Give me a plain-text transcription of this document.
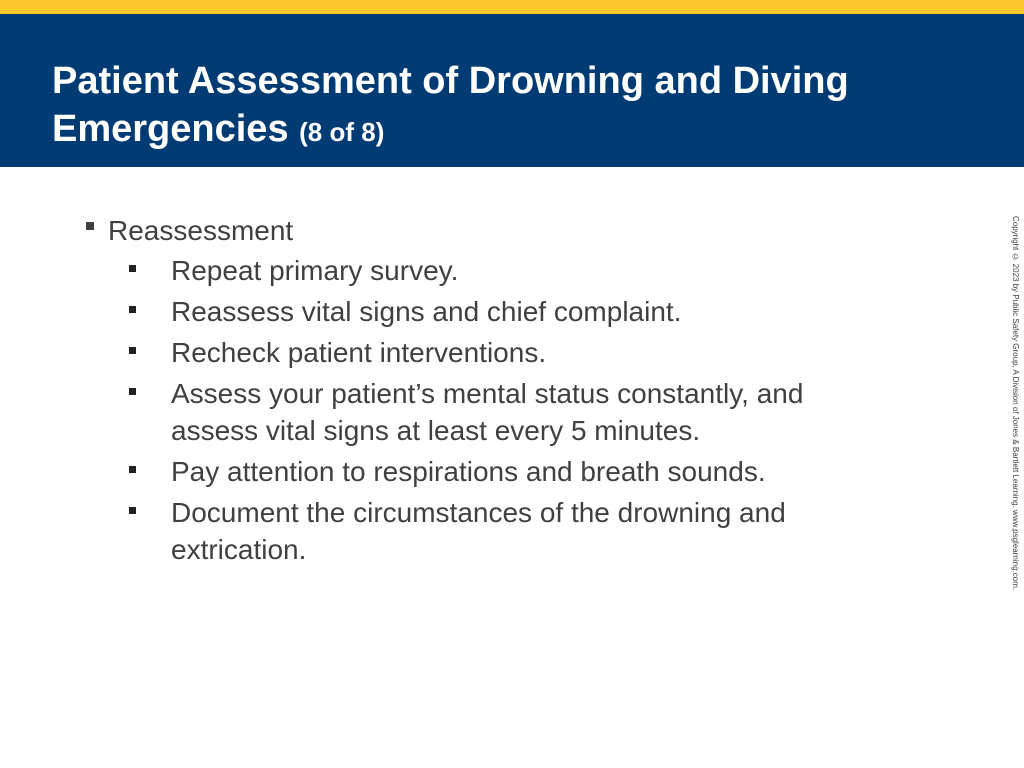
Patient Assessment of Drowning and Diving Emergencies (8 of 8)
Reassessment
Repeat primary survey.
Reassess vital signs and chief complaint.
Recheck patient interventions.
Assess your patient’s mental status constantly, and assess vital signs at least every 5 minutes.
Pay attention to respirations and breath sounds.
Document the circumstances of the drowning and extrication.	Copyright © 2023 by Public Safety Group, A Division of Jones & Bartlett Learning. www.psglearning.com.
